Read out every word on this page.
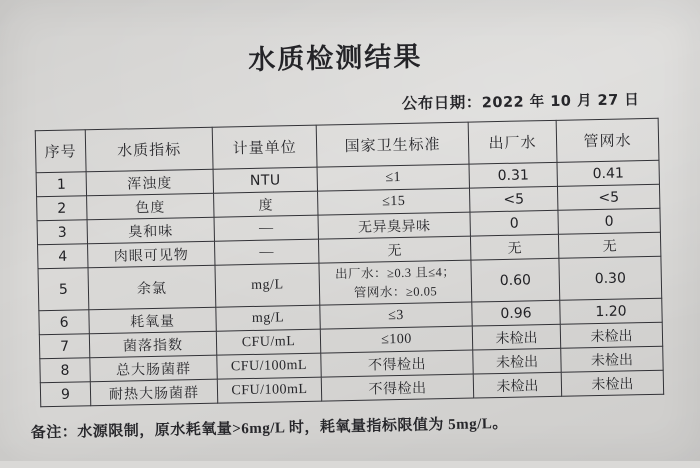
水质检测结果
公布日期：2022 年 10 月 27 日
序号	水质指标	计量单位	国家卫生标准	出厂水	管网水
1	浑浊度	NTU	≤1	0.31	0.41
2	色度	度	≤15	<5	<5
3	臭和味	—	无异臭异味	0	0
4	肉眼可见物	—	无	无	无
5	余氯	mg/L	出厂水：≥0.3 且≤4；
管网水：≥0.05	0.60	0.30
6	耗氧量	mg/L	≤3	0.96	1.20
7	菌落指数	CFU/mL	≤100	未检出	未检出
8	总大肠菌群	CFU/100mL	不得检出	未检出	未检出
9	耐热大肠菌群	CFU/100mL	不得检出	未检出	未检出
备注：水源限制，原水耗氧量>6mg/L 时，耗氧量指标限值为 5mg/L。
